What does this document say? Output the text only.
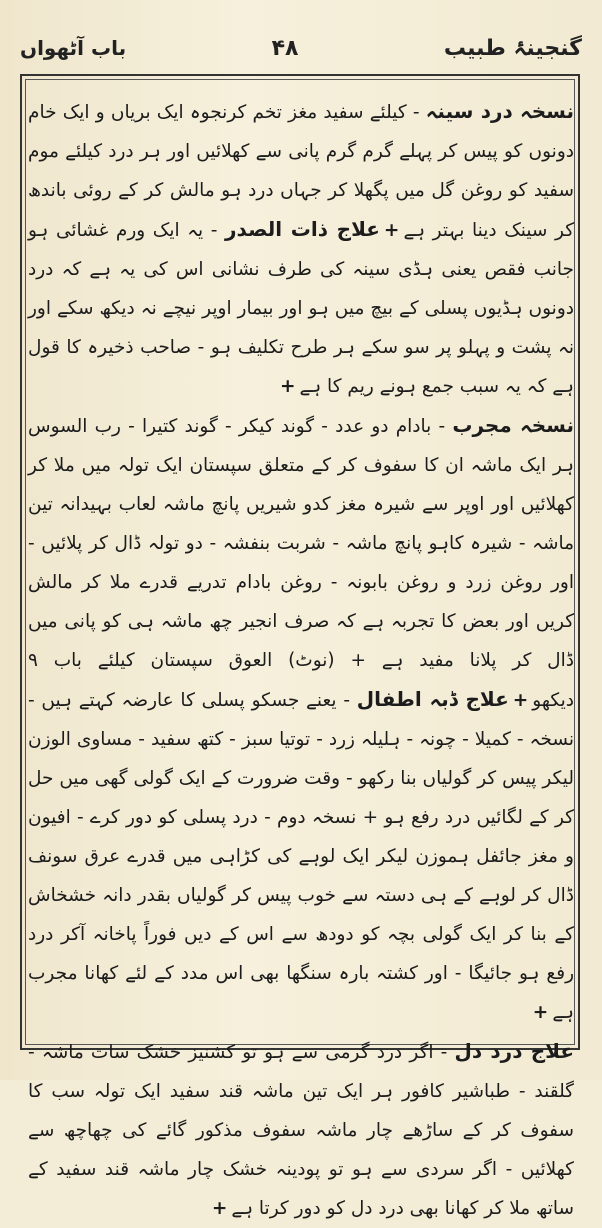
باب آٹھواں	۴۸	گنجینۂ طبیب

نسخہ درد سینہ - کیلئے سفید مغز تخم کرنجوہ ایک بریاں و ایک خام دونوں کو پیس کر پہلے گرم گرم پانی سے کھلائیں اور ہر درد کیلئے موم سفید کو روغن گل میں پگھلا کر جہاں درد ہو مالش کر کے روئی باندھ کر سینک دینا بہتر ہے+علاج ذات الصدر - یہ ایک ورم غشائی ہو جانب فقص یعنی ہڈی سینہ کی طرف نشانی اس کی یہ ہے کہ درد دونوں ہڈیوں پسلی کے بیچ میں ہو اور بیمار اوپر نیچے نہ دیکھ سکے اور نہ پشت و پہلو پر سو سکے ہر طرح تکلیف ہو - صاحب ذخیرہ کا قول ہے کہ یہ سبب جمع ہونے ریم کا ہے+

نسخہ مجرب - بادام دو عدد - گوند کیکر - گوند کتیرا - رب السوس ہر ایک ماشہ ان کا سفوف کر کے متعلق سپستان ایک تولہ میں ملا کر کھلائیں اور اوپر سے شیرہ مغز کدو شیریں پانچ ماشہ لعاب بہیدانہ تین ماشہ - شیرہ کاہو پانچ ماشہ - شربت بنفشہ - دو تولہ ڈال کر پلائیں - اور روغن زرد و روغن بابونہ - روغن بادام تدریے قدرے ملا کر مالش کریں اور بعض کا تجربہ ہے کہ صرف انجیر چھ ماشہ ہی کو پانی میں ڈال کر پلانا مفید ہے + (نوٹ) العوق سپستان کیلئے باب ۹ دیکھو+علاج ڈبہ اطفال - یعنے جسکو پسلی کا عارضہ کہتے ہیں - نسخہ - کمیلا - چونہ - ہلیلہ زرد - توتیا سبز - کتھ سفید - مساوی الوزن لیکر پیس کر گولیاں بنا رکھو - وقت ضرورت کے ایک گولی گھی میں حل کر کے لگائیں درد رفع ہو + نسخہ دوم - درد پسلی کو دور کرے - افیون و مغز جائفل ہموزن لیکر ایک لوہے کی کڑاہی میں قدرے عرق سونف ڈال کر لوہے کے ہی دستہ سے خوب پیس کر گولیاں بقدر دانہ خشخاش کے بنا کر ایک گولی بچہ کو دودھ سے اس کے دیں فوراً پاخانہ آکر درد رفع ہو جائیگا - اور کشتہ بارہ سنگھا بھی اس مدد کے لئے کھانا مجرب ہے+

علاج درد دل - اگر درد گرمی سے ہو تو کشنیز خشک سات ماشہ - گلقند - طباشیر کافور ہر ایک تین ماشہ قند سفید ایک تولہ سب کا سفوف کر کے ساڑھے چار ماشہ سفوف مذکور گائے کی چھاچھ سے کھلائیں - اگر سردی سے ہو تو پودینہ خشک چار ماشہ قند سفید کے ساتھ ملا کر کھانا بھی درد دل کو دور کرتا ہے+
